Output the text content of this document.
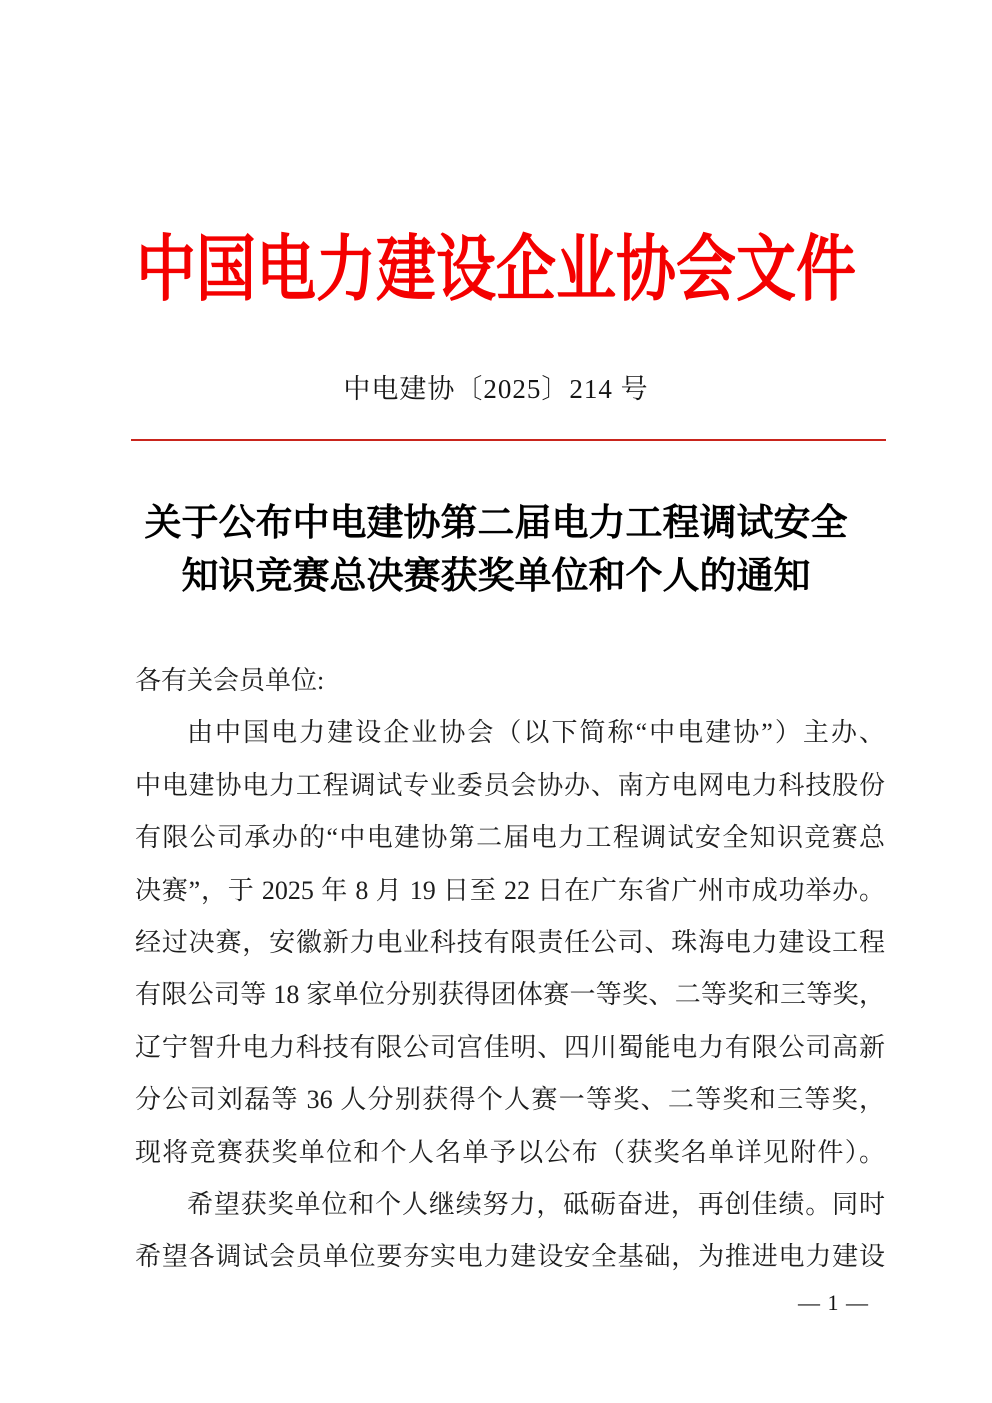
中国电力建设企业协会文件
中电建协〔2025〕214 号
关于公布中电建协第二届电力工程调试安全
知识竞赛总决赛获奖单位和个人的通知
各有关会员单位:
由中国电力建设企业协会（以下简称“中电建协”）主办、
中电建协电力工程调试专业委员会协办、南方电网电力科技股份
有限公司承办的“中电建协第二届电力工程调试安全知识竞赛总
决赛”，于 2025 年 8 月 19 日至 22 日在广东省广州市成功举办。
经过决赛，安徽新力电业科技有限责任公司、珠海电力建设工程
有限公司等 18 家单位分别获得团体赛一等奖、二等奖和三等奖，
辽宁智升电力科技有限公司宫佳明、四川蜀能电力有限公司高新
分公司刘磊等 36 人分别获得个人赛一等奖、二等奖和三等奖，
现将竞赛获奖单位和个人名单予以公布（获奖名单详见附件）。
希望获奖单位和个人继续努力，砥砺奋进，再创佳绩。同时
希望各调试会员单位要夯实电力建设安全基础，为推进电力建设
— 1 —
